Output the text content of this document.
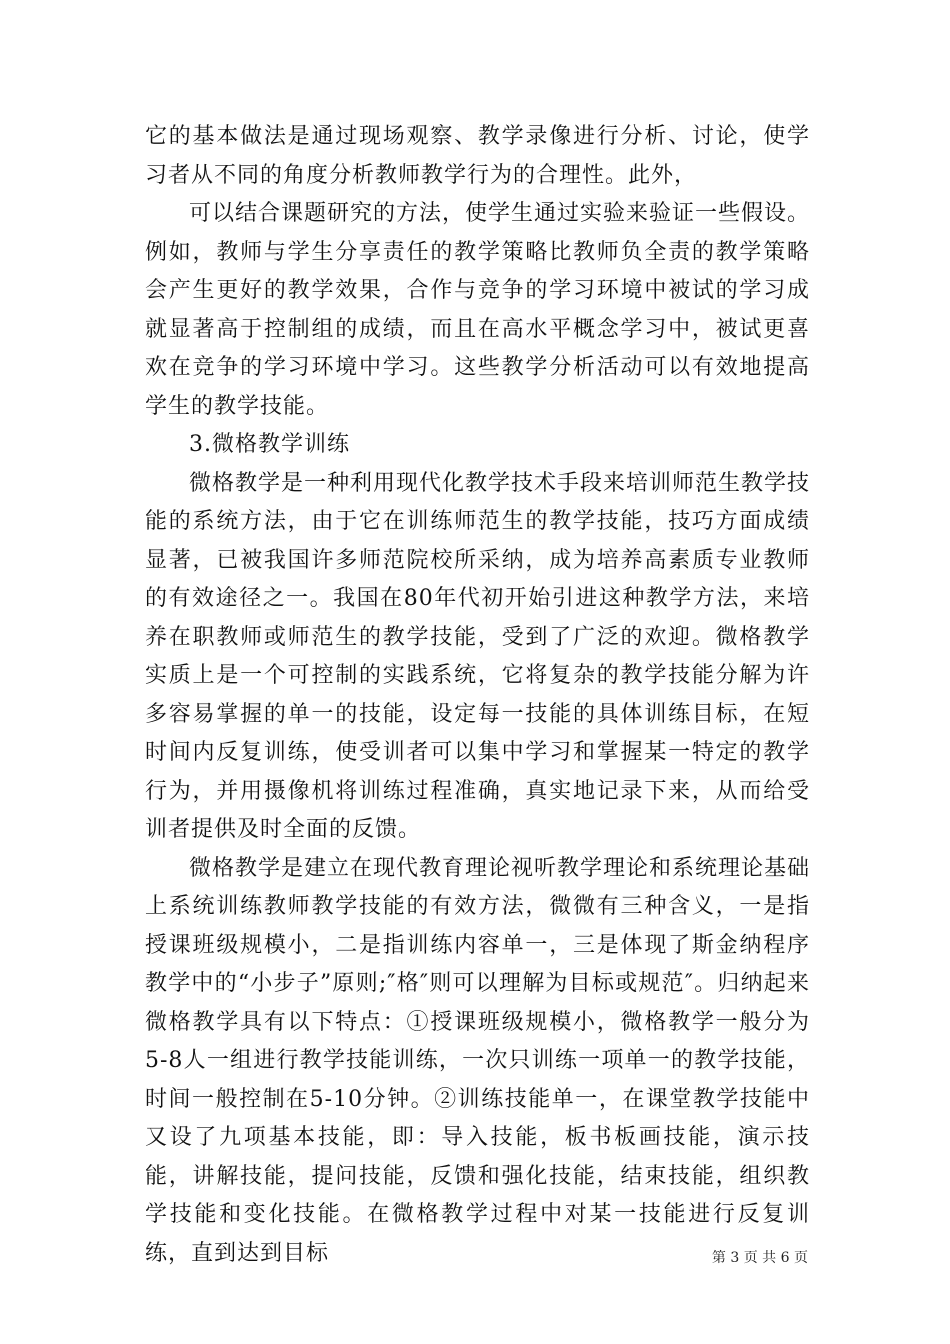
它的基本做法是通过现场观察、教学录像进行分析、讨论，使学习者从不同的角度分析教师教学行为的合理性。此外，

可以结合课题研究的方法，使学生通过实验来验证一些假设。例如，教师与学生分享责任的教学策略比教师负全责的教学策略会产生更好的教学效果，合作与竞争的学习环境中被试的学习成就显著高于控制组的成绩，而且在高水平概念学习中，被试更喜欢在竞争的学习环境中学习。这些教学分析活动可以有效地提高学生的教学技能。

3.微格教学训练

微格教学是一种利用现代化教学技术手段来培训师范生教学技能的系统方法，由于它在训练师范生的教学技能，技巧方面成绩显著，已被我国许多师范院校所采纳，成为培养高素质专业教师的有效途径之一。我国在80年代初开始引进这种教学方法，来培养在职教师或师范生的教学技能，受到了广泛的欢迎。微格教学实质上是一个可控制的实践系统，它将复杂的教学技能分解为许多容易掌握的单一的技能，设定每一技能的具体训练目标，在短时间内反复训练，使受训者可以集中学习和掌握某一特定的教学行为，并用摄像机将训练过程准确，真实地记录下来，从而给受训者提供及时全面的反馈。

微格教学是建立在现代教育理论视听教学理论和系统理论基础上系统训练教师教学技能的有效方法，微微有三种含义，一是指授课班级规模小，二是指训练内容单一，三是体现了斯金纳程序教学中的“小步子”原则;″格″则可以理解为目标或规范″。归纳起来微格教学具有以下特点：①授课班级规模小，微格教学一般分为5-8人一组进行教学技能训练，一次只训练一项单一的教学技能，时间一般控制在5-10分钟。②训练技能单一，在课堂教学技能中又设了九项基本技能，即：导入技能，板书板画技能，演示技能，讲解技能，提问技能，反馈和强化技能，结束技能，组织教学技能和变化技能。在微格教学过程中对某一技能进行反复训练，直到达到目标	第 3 页 共 6 页
